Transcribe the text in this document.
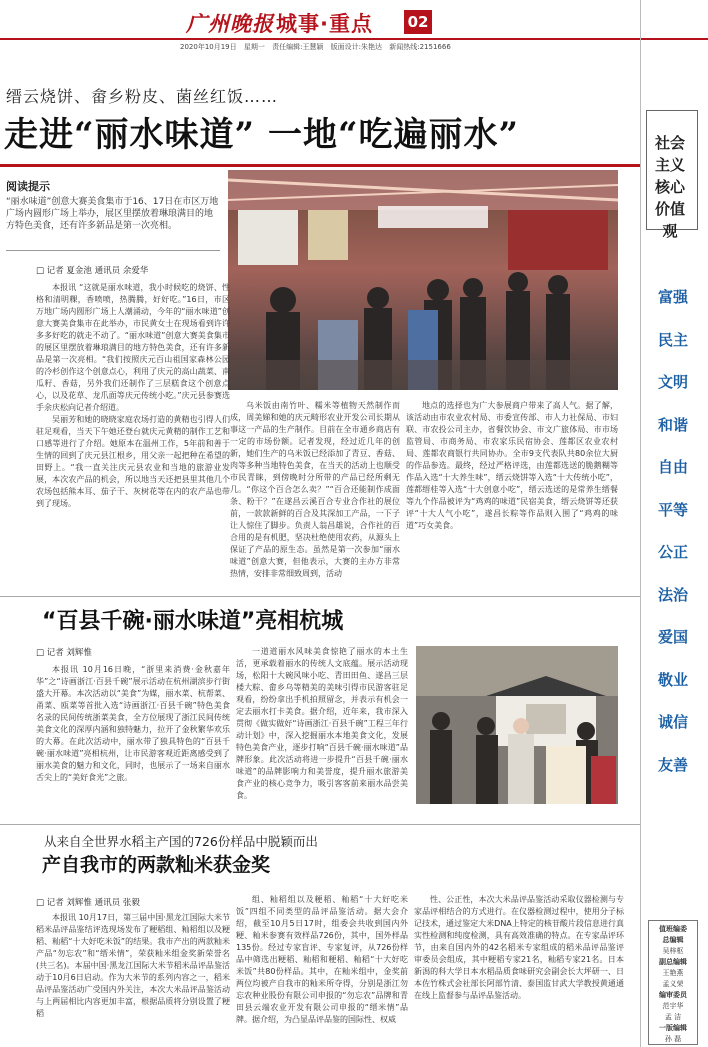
广州晚报 城事·重点 02
2020年10月19日 星期一 责任编辑:王慧颖 版面设计:朱艳达 新闻热线:2151666
社会主义核心价值观
富强
民主
文明
和谐
自由
平等
公正
法治
爱国
敬业
诚信
友善
值班编委
总编辑
吴梓枢
副总编辑
王艳燕
孟义荣
编审委员
范宇华
孟 洁
一版编辑
孙 磊
缙云烧饼、畲乡粉皮、菌丝红饭……
走进“丽水味道” 一地“吃遍丽水”
阅读提示
“丽水味道”创意大赛美食集市于16、17日在市区万地广场内圆形广场上举办，展区里摆放着琳琅满目的地方特色美食，还有许多新品是第一次亮相。
□ 记者 夏金池 通讯员 余爱华

本报讯 “这就是丽水味道，我小时候吃的烧饼、性格和清明粿，香喷喷，热腾腾，好好吃。”16日，市区万地广场内圆形广场上人潮涌动，今年的“丽水味道”创意大赛美食集市在此举办，市民黄女士在现场看到许许多多好吃的就走不动了。“丽水味道”创意大赛美食集市的展区里摆放着琳琅满目的地方特色美食，还有许多新品是第一次亮相。“我们按照庆元百山祖国家森林公园的冷杉创作这个创意点心，利用了庆元的高山蔬菜、南瓜籽、香菇，另外我们还制作了三层糕食这个创意点心，以及花草、龙爪面等庆元传统小吃。”庆元县参赛选手余庆松向记者介绍道。

吴丽芳和她的晓晓家庭农场打造的黄精也引得人们驻足观看，当天下午她还登台就庆元黄精的制作工艺和口感等进行了介绍。她原本在温州工作，5年前和善于生情的回到了庆元县江根乡，用父亲一起把种在希望的田野上。“我一直关注庆元县农业和当地的旅游业发展，本次农产品的机会，所以地当天还把县里其他几个农场包括熊本耳、茄子干、灰树花等在内的农产品也带到了现场。

乌米饭由南竹叶、糯米等植物天然制作而成，周美娣和她的庆元畸形农业开发公司长期从事这一产品的生产制作。目前在全市通乡商店有一定的市场份额。记者发现，经过近几年的创新，她们生产的乌米饭已经添加了青豆、香菇、肉等多种当地特色美食，在当天的活动上也顺受市民青睐，到傍晚时分所带的产品已经所剩无几。“你这个百合怎么卖？”“百合还能制作成面条、粉干？”在遂昌云溪百合专业合作社的展位前，一款款新鲜的百合及其深加工产品，一下子让人惊住了脚步。负责人翁昌雄说，合作社的百合用的是有机肥，坚决杜绝使用农药，从源头上保证了产品的原生态。虽然是第一次参加“丽水味道”创意大赛，但他表示，大赛的主办方非常热情，安排非常细致周到，活动

地点的选择也为广大参展商户带来了高人气。据了解，该活动由市农业农村局、市委宣传部、市人力社保局、市妇联、市农投公司主办，省餐饮协会、市文广旅体局、市市场监管局、市商务局、市农家乐民宿协会、莲都区农业农村局、莲都农商银行共同协办。全市9支代表队共80余位大厨的作品参选。最终，经过严格评选，由莲都选送的脆鹅糊等作品入选“十大养生味”，缙云烧饼等入选“十大传统小吃”，莲都缙桂等入选“十大创意小吃”，缙云选送的是常养生缙餐等九个作品被评为“鸡鸡的味道”民宿美食，缙云烧饼等还获评“十大人气小吃”，遂昌长粽等作品则入围了“鸡鸡的味道”巧女美食。

“百县千碗·丽水味道”亮相杭城
□ 记者 刘辉惟

本报讯 10月16日晚，“浙里来消费·金秋嘉年华”之“诗画浙江·百县千碗”展示活动在杭州湖滨步行街盛大开幕。本次活动以“美食”为媒，丽水菜、杭帮菜、甬菜、瓯菜等首批入选“诗画浙江·百县千碗”特色美食名录的民间传统浙菜美食，全方位展现了浙江民间传统美食文化的深厚内涵和独特魅力，拉开了金秋繁华欢乐的大幕。在此次活动中，丽水带了独具特色的“百县千碗·丽水味道”亮相杭州，让市民游客观近距离感受到了丽水美食的魅力和文化，同时，也展示了一场来自丽水舌尖上的“美好食光”之旅。

一道道丽水风味美食惊艳了丽水的本土生活，更承载着丽水的传统人文底蕴。展示活动现场，松阳十大碗风味小吃、青田田鱼、遂昌三层楼大粽、畲乡乌等精美的美味引得市民游客驻足观看，纷纷拿出手机拍照留念，并表示有机会一定去丽水打卡美食。据介绍，近年来，我市深入贯彻《做实做好“诗画浙江·百县千碗”工程三年行动计划》中，深入挖掘丽水本地美食文化，发展特色美食产业，逐步打响“百县千碗·丽水味道”品牌形象。此次活动将进一步提升“百县千碗·丽水味道”的品牌影响力和美誉度，提升丽水旅游美食产业的核心竞争力，吸引客客前来丽水品尝美食。

从来自全世界水稻主产国的726份样品中脱颖而出
产自我市的两款籼米获金奖
□ 记者 刘辉惟 通讯员 张毅

本报讯 10月17日，第三届中国·黑龙江国际大米节稻米品评品鉴结评选现场发布了粳稻组、籼稻组以及粳稻、籼稻“十大好吃米饭”的结果。我市产出的两款籼米产品“勿忘农”和“缙米情”，荣获籼米组金奖新荣誉名(共三名)。本届中国·黑龙江国际大米节稻米品评品鉴活动于10月6日启动。作为大米节的系列内容之一，稻米品评品鉴活动广受国内外关注，本次大米品评品鉴活动与上两届相比内容更加丰富，根据品质将分别设置了粳稻

组、籼稻组以及粳稻、籼稻“十大好吃米饭”四组不同类型的品评品鉴活动。据大会介绍，截至10月5日17时，组委会共收到国内外粳、籼米参赛有效样品726份，其中，国外样品135份。经过专家盲评、专家复评，从726份样品中筛选出粳稻、籼稻和粳稻、籼稻“十大好吃米饭”共80份样品。其中，在籼米组中，金奖前两位均被产自我市的籼米所夺得，分别是浙江勿忘农种业股份有限公司申报的“勿忘农”品牌和青田县云端农业开发有限公司申报的“缙米情”品牌。据介绍，为凸显品评品鉴的国际性、权威

性、公正性，本次大米品评品鉴活动采取仪器检测与专家品评相结合的方式进行。在仪器检测过程中，使用分子标记技术，通过鉴定大米DNA上特定的核苷酸片段信息进行真实性检测和纯度检测，具有高效准确的特点。在专家品评环节，由来自国内外的42名稻米专家组成的稻米品评品鉴评审委员会组成，其中粳稻专家21名，籼稻专家21名。日本新潟的科大学日本水稻品质食味研究会副会长大坪研一、日本佐竹株式会社部长阿部竹清、泰国监甘武大学教授黄通通在线上监督参与品评品鉴活动。
